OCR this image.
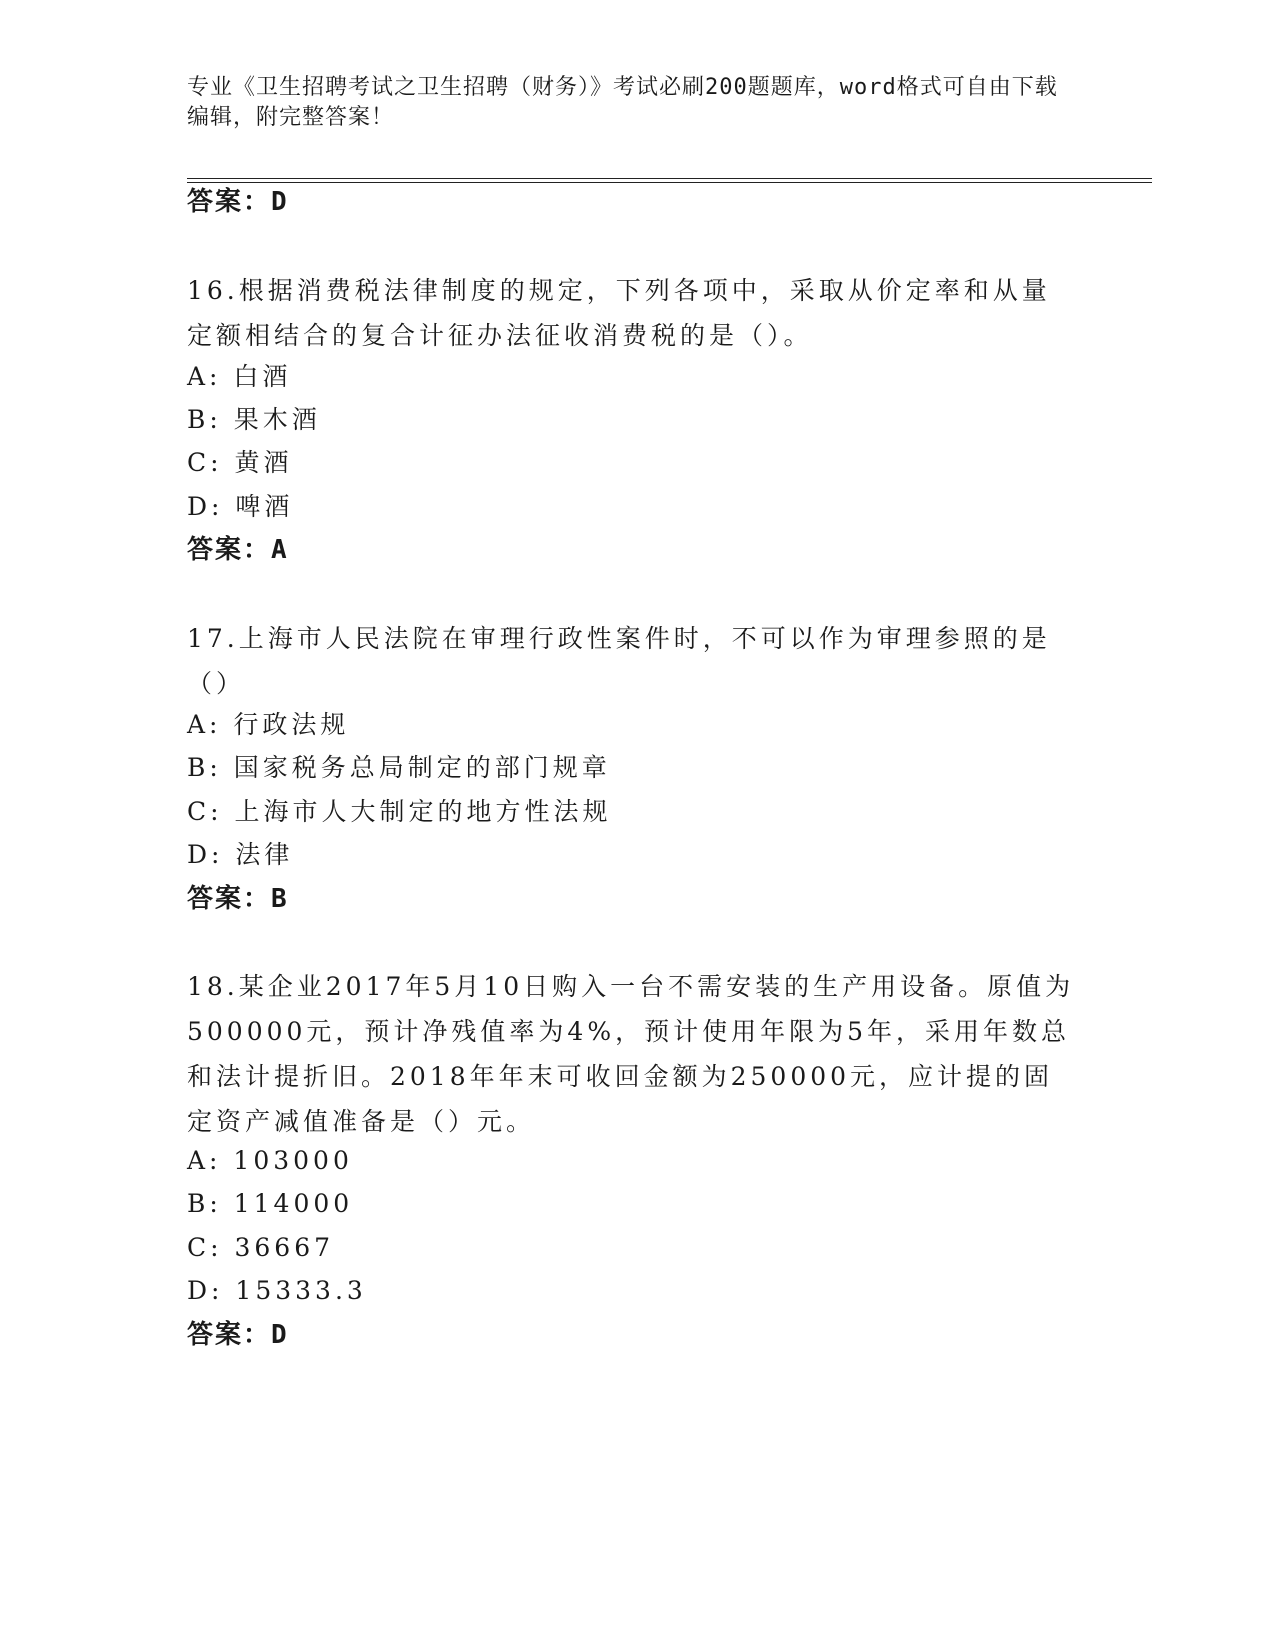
专业《卫生招聘考试之卫生招聘（财务）》考试必刷200题题库，word格式可自由下载编辑，附完整答案！
答案：D
16.根据消费税法律制度的规定，下列各项中，采取从价定率和从量定额相结合的复合计征办法征收消费税的是（）。
A: 白酒
B: 果木酒
C: 黄酒
D: 啤酒
答案：A
17.上海市人民法院在审理行政性案件时，不可以作为审理参照的是（）
A: 行政法规
B: 国家税务总局制定的部门规章
C: 上海市人大制定的地方性法规
D: 法律
答案：B
18.某企业2017年5月10日购入一台不需安装的生产用设备。原值为500000元，预计净残值率为4%，预计使用年限为5年，采用年数总和法计提折旧。2018年年末可收回金额为250000元，应计提的固定资产减值准备是（）元。
A: 103000
B: 114000
C: 36667
D: 15333.3
答案：D
